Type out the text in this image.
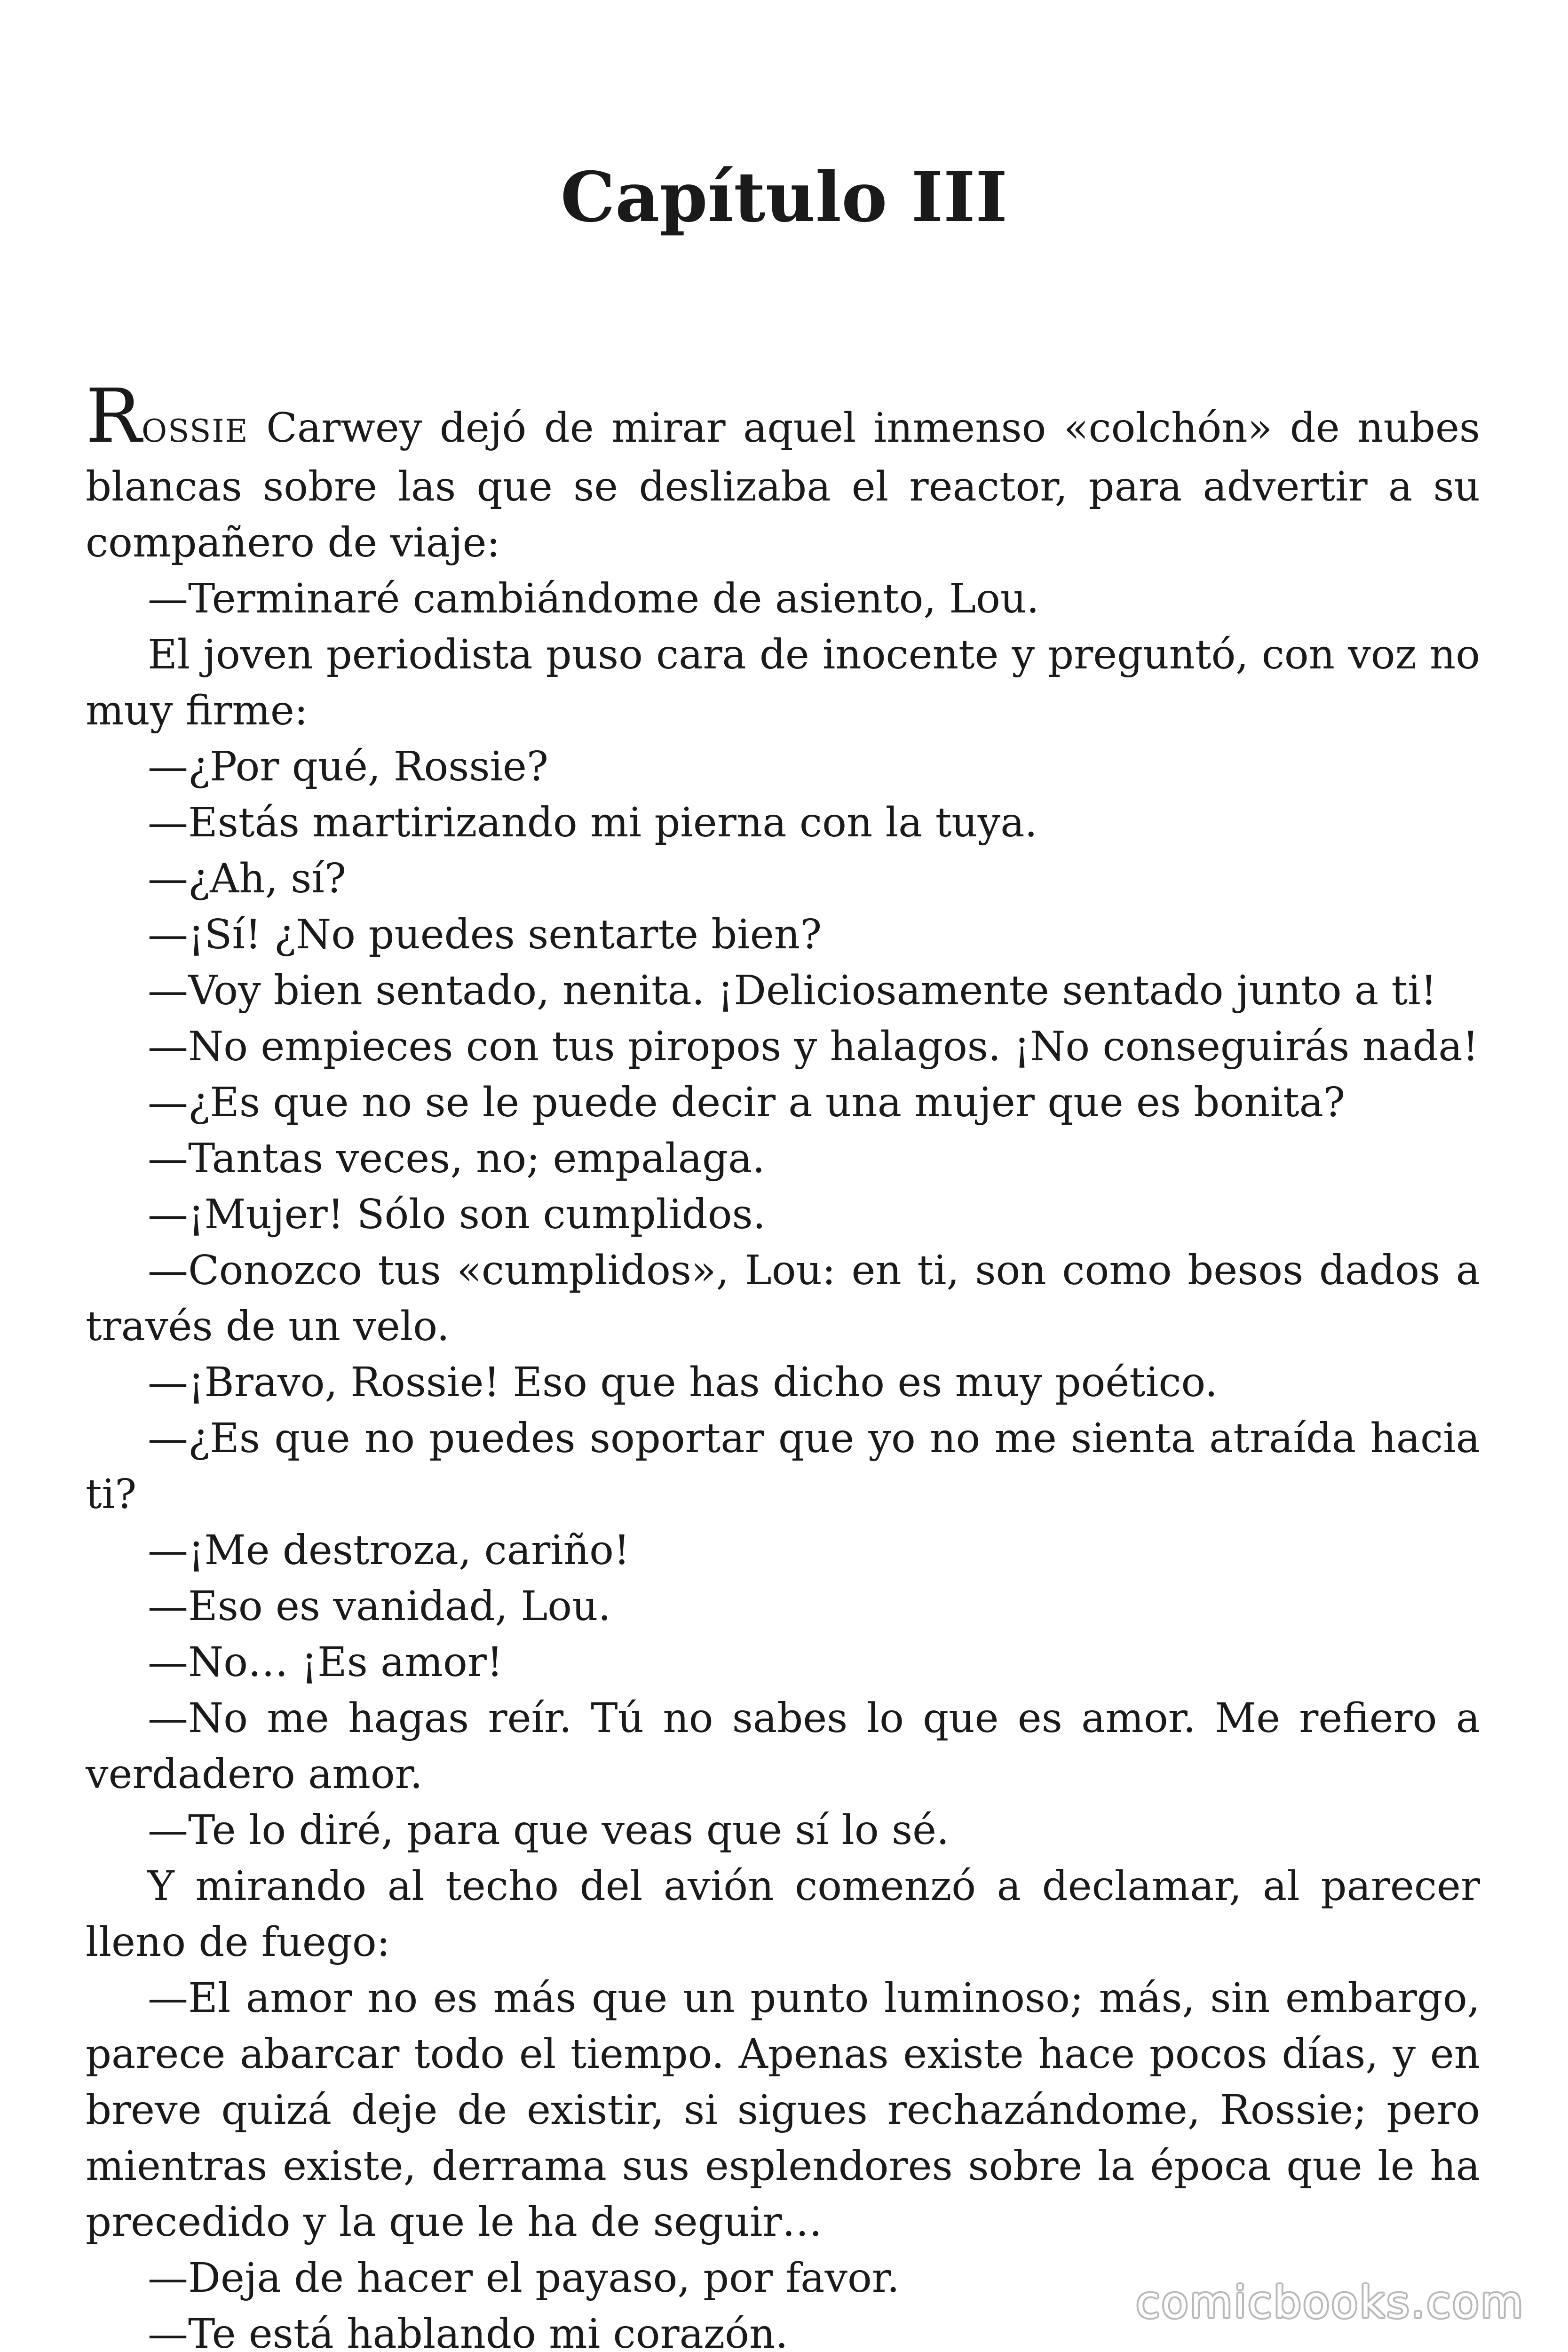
Capítulo III

ROSSIE Carwey dejó de mirar aquel inmenso «colchón» de nubes blancas sobre las que se deslizaba el reactor, para advertir a su compañero de viaje:

—Terminaré cambiándome de asiento, Lou.

El joven periodista puso cara de inocente y preguntó, con voz no muy firme:

—¿Por qué, Rossie?

—Estás martirizando mi pierna con la tuya.

—¿Ah, sí?

—¡Sí! ¿No puedes sentarte bien?

—Voy bien sentado, nenita. ¡Deliciosamente sentado junto a ti!

—No empieces con tus piropos y halagos. ¡No conseguirás nada!

—¿Es que no se le puede decir a una mujer que es bonita?

—Tantas veces, no; empalaga.

—¡Mujer! Sólo son cumplidos.

—Conozco tus «cumplidos», Lou: en ti, son como besos dados a través de un velo.

—¡Bravo, Rossie! Eso que has dicho es muy poético.

—¿Es que no puedes soportar que yo no me sienta atraída hacia ti?

—¡Me destroza, cariño!

—Eso es vanidad, Lou.

—No… ¡Es amor!

—No me hagas reír. Tú no sabes lo que es amor. Me refiero a verdadero amor.

—Te lo diré, para que veas que sí lo sé.

Y mirando al techo del avión comenzó a declamar, al parecer lleno de fuego:

—El amor no es más que un punto luminoso; más, sin embargo, parece abarcar todo el tiempo. Apenas existe hace pocos días, y en breve quizá deje de existir, si sigues rechazándome, Rossie; pero mientras existe, derrama sus esplendores sobre la época que le ha precedido y la que le ha de seguir…

—Deja de hacer el payaso, por favor.

—Te está hablando mi corazón.

comicbooks.com
